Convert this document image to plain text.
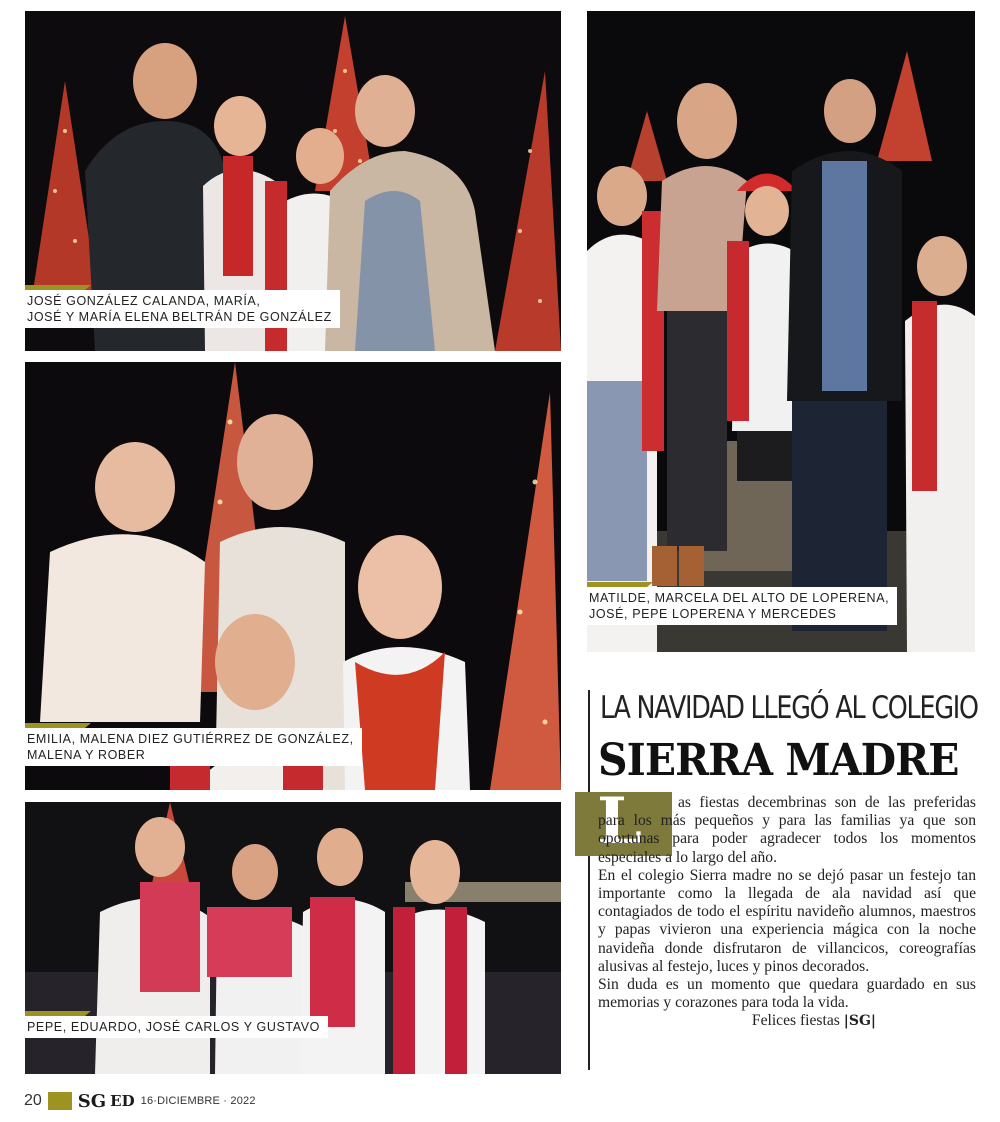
JOSÉ GONZÁLEZ CALANDA, MARÍA,
JOSÉ Y MARÍA ELENA BELTRÁN DE GONZÁLEZ
MATILDE, MARCELA DEL ALTO DE LOPERENA,
JOSÉ, PEPE LOPERENA Y MERCEDES
EMILIA, MALENA DIEZ GUTIÉRREZ DE GONZÁLEZ,
MALENA Y ROBER
PEPE, EDUARDO, JOSÉ CARLOS Y GUSTAVO
LA NAVIDAD LLEGÓ AL COLEGIO
SIERRA MADRE
L	as fiestas decembrinas son de las preferidas para los más pequeños y para las familias ya que son oportunas para poder agradecer todos los momentos especiales a lo largo del año.

En el colegio Sierra madre no se dejó pasar un festejo tan importante como la llegada de ala navidad así que contagiados de todo el espíritu navideño alumnos, maestros y papas vivieron una experiencia mágica con la noche navideña donde disfrutaron de villancicos, coreografías alusivas al festejo, luces y pinos decorados.

Sin duda es un momento que quedara guardado en sus memorias y corazones para toda la vida.

Felices fiestas |SG|

20 SG ED 16·DICIEMBRE · 2022
